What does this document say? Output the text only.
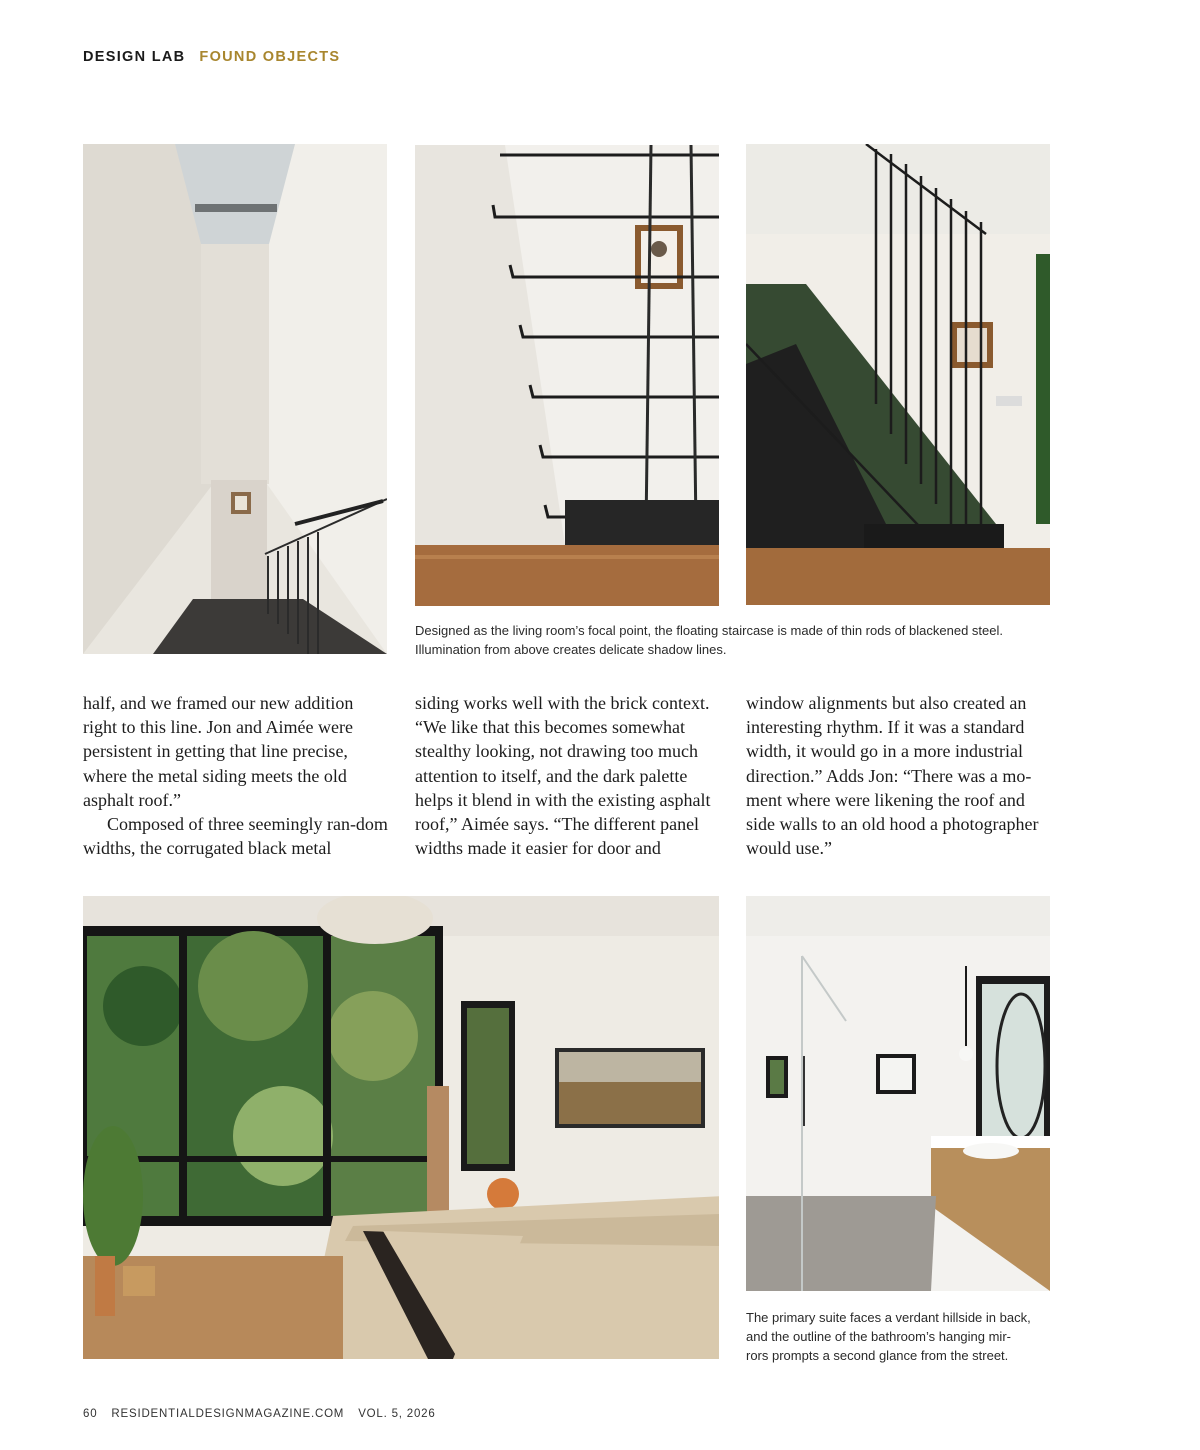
DESIGN LAB FOUND OBJECTS
Designed as the living room’s focal point, the floating staircase is made of thin rods of blackened steel.
Illumination from above creates delicate shadow lines.

half, and we framed our new addition right to this line. Jon and Aimée were persistent in getting that line precise, where the metal siding meets the old asphalt roof.”

Composed of three seemingly ran-dom widths, the corrugated black metal

siding works well with the brick context. “We like that this becomes somewhat stealthy looking, not drawing too much attention to itself, and the dark palette helps it blend in with the existing asphalt roof,” Aimée says. “The different panel widths made it easier for door and

window alignments but also created an interesting rhythm. If it was a standard width, it would go in a more industrial direction.” Adds Jon: “There was a mo-ment where were likening the roof and side walls to an old hood a photographer would use.”

The primary suite faces a verdant hillside in back,
and the outline of the bathroom’s hanging mir-
rors prompts a second glance from the street.
60 RESIDENTIALDESIGNMAGAZINE.COM VOL. 5, 2026
